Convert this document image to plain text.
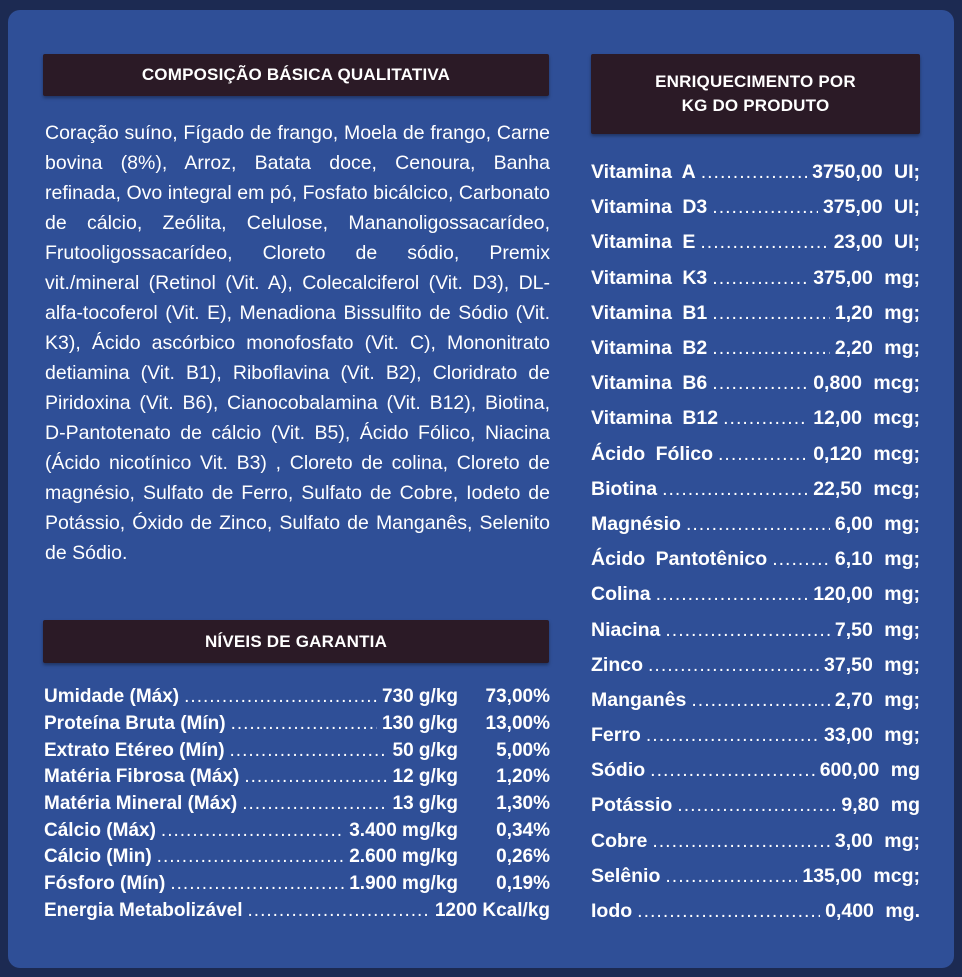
COMPOSIÇÃO BÁSICA QUALITATIVA

Coração suíno, Fígado de frango, Moela de frango, Carne bovina (8%), Arroz, Batata doce, Cenoura, Banha refinada, Ovo integral em pó, Fosfato bicálcico, Carbonato de cálcio, Zeólita, Celulose, Mananoligossacarídeo, Frutooligossacarídeo, Cloreto de sódio, Premix vit./mineral (Retinol (Vit. A), Colecalciferol (Vit. D3), DL-alfa-tocoferol (Vit. E), Menadiona Bissulfito de Sódio (Vit. K3), Ácido ascórbico monofosfato (Vit. C), Mononitrato detiamina (Vit. B1), Riboflavina (Vit. B2), Cloridrato de Piridoxina (Vit. B6), Cianocobalamina (Vit. B12), Biotina, D-Pantotenato de cálcio (Vit. B5), Ácido Fólico, Niacina (Ácido nicotínico Vit. B3) , Cloreto de colina, Cloreto de magnésio, Sulfato de Ferro, Sulfato de Cobre, Iodeto de Potássio, Óxido de Zinco, Sulfato de Manganês, Selenito de Sódio.

NÍVEIS DE GARANTIA
Umidade (Máx) .....	730 g/kg	73,00%
Proteína Bruta (Mín) .....	130 g/kg	13,00%
Extrato Etéreo (Mín) .....	50 g/kg	5,00%
Matéria Fibrosa (Máx) .....	12 g/kg	1,20%
Matéria Mineral (Máx) .....	13 g/kg	1,30%
Cálcio (Máx) .....	3.400 mg/kg	0,34%
Cálcio (Min) .....	2.600 mg/kg	0,26%
Fósforo (Mín) .....	1.900 mg/kg	0,19%
Energia Metabolizável .....	1200 Kcal/kg
ENRIQUECIMENTO POR
KG DO PRODUTO
Vitamina A .....	3750,00 UI;
Vitamina D3 .....	375,00 UI;
Vitamina E .....	23,00 UI;
Vitamina K3 .....	375,00 mg;
Vitamina B1 .....	1,20 mg;
Vitamina B2 .....	2,20 mg;
Vitamina B6 .....	0,800 mcg;
Vitamina B12 .....	12,00 mcg;
Ácido Fólico .....	0,120 mcg;
Biotina .....	22,50 mcg;
Magnésio .....	6,00 mg;
Ácido Pantotênico .....	6,10 mg;
Colina .....	120,00 mg;
Niacina .....	7,50 mg;
Zinco .....	37,50 mg;
Manganês .....	2,70 mg;
Ferro .....	33,00 mg;
Sódio .....	600,00 mg
Potássio .....	9,80 mg
Cobre .....	3,00 mg;
Selênio .....	135,00 mcg;
Iodo .....	0,400 mg.
